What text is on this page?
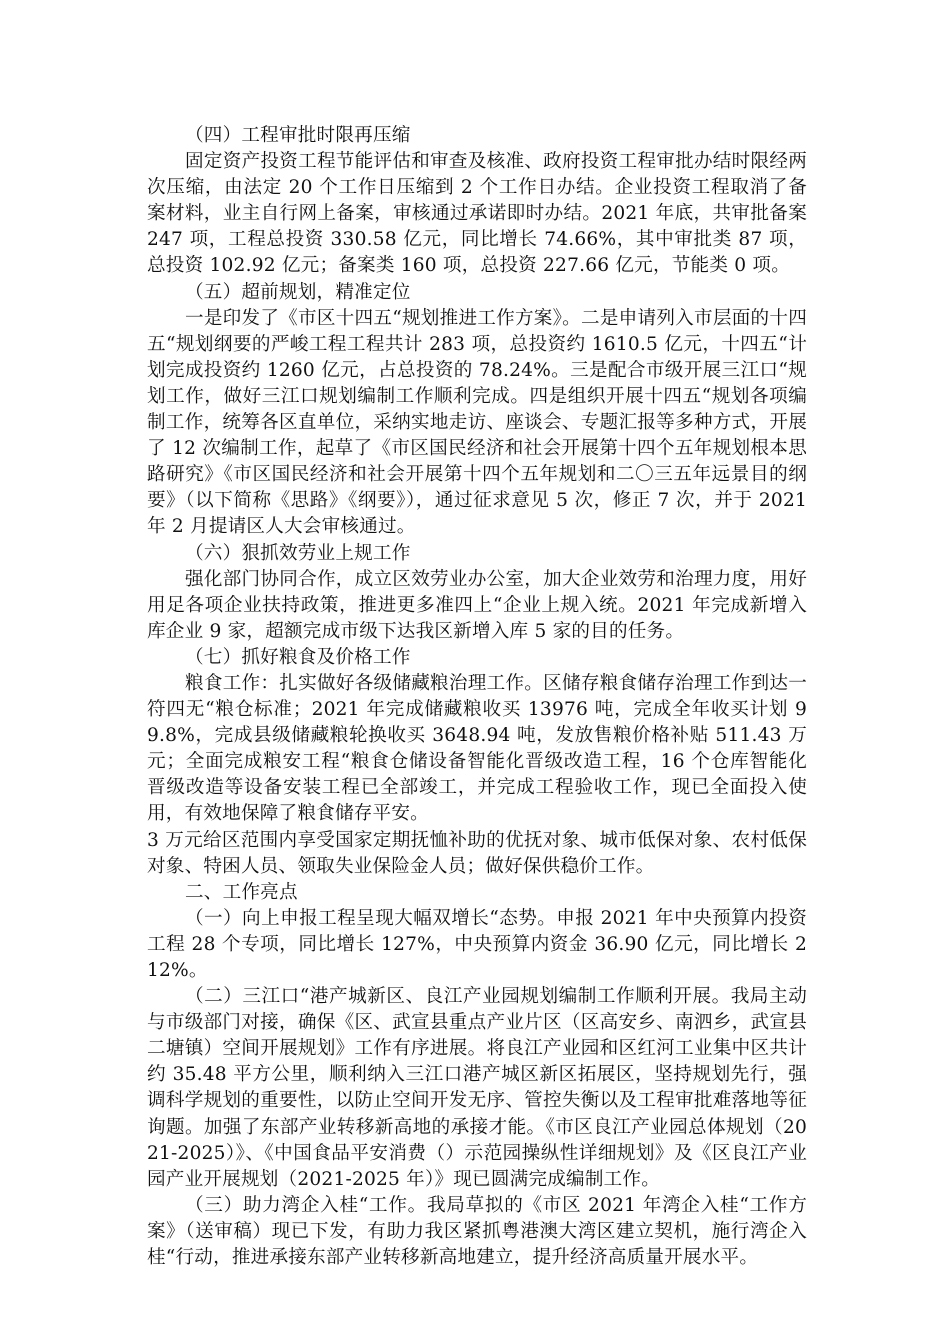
（四）工程审批时限再压缩

固定资产投资工程节能评估和审查及核准、政府投资工程审批办结时限经两次压缩，由法定 20 个工作日压缩到 2 个工作日办结。企业投资工程取消了备案材料，业主自行网上备案，审核通过承诺即时办结。2021 年底，共审批备案 247 项，工程总投资 330.58 亿元，同比增长 74.66%，其中审批类 87 项，总投资 102.92 亿元；备案类 160 项，总投资 227.66 亿元，节能类 0 项。

（五）超前规划，精准定位

一是印发了《市区十四五“规划推进工作方案》。二是申请列入市层面的十四五“规划纲要的严峻工程工程共计 283 项，总投资约 1610.5 亿元，十四五“计划完成投资约 1260 亿元，占总投资的 78.24%。三是配合市级开展三江口“规划工作，做好三江口规划编制工作顺利完成。四是组织开展十四五“规划各项编制工作，统筹各区直单位，采纳实地走访、座谈会、专题汇报等多种方式，开展了 12 次编制工作，起草了《市区国民经济和社会开展第十四个五年规划根本思路研究》《市区国民经济和社会开展第十四个五年规划和二〇三五年远景目的纲要》（以下简称《思路》《纲要》），通过征求意见 5 次，修正 7 次，并于 2021 年 2 月提请区人大会审核通过。

（六）狠抓效劳业上规工作

强化部门协同合作，成立区效劳业办公室，加大企业效劳和治理力度，用好用足各项企业扶持政策，推进更多准四上“企业上规入统。2021 年完成新增入库企业 9 家，超额完成市级下达我区新增入库 5 家的目的任务。

（七）抓好粮食及价格工作

粮食工作：扎实做好各级储藏粮治理工作。区储存粮食储存治理工作到达一符四无“粮仓标准；2021 年完成储藏粮收买 13976 吨，完成全年收买计划 99.8%，完成县级储藏粮轮换收买 3648.94 吨，发放售粮价格补贴 511.43 万元；全面完成粮安工程“粮食仓储设备智能化晋级改造工程，16 个仓库智能化晋级改造等设备安装工程已全部竣工，并完成工程验收工作，现已全面投入使用，有效地保障了粮食储存平安。

3 万元给区范围内享受国家定期抚恤补助的优抚对象、城市低保对象、农村低保对象、特困人员、领取失业保险金人员；做好保供稳价工作。

二、工作亮点

（一）向上申报工程呈现大幅双增长“态势。申报 2021 年中央预算内投资工程 28 个专项，同比增长 127%，中央预算内资金 36.90 亿元，同比增长 212%。

（二）三江口“港产城新区、良江产业园规划编制工作顺利开展。我局主动与市级部门对接，确保《区、武宣县重点产业片区（区高安乡、南泗乡，武宣县二塘镇）空间开展规划》工作有序进展。将良江产业园和区红河工业集中区共计约 35.48 平方公里，顺利纳入三江口港产城区新区拓展区，坚持规划先行，强调科学规划的重要性，以防止空间开发无序、管控失衡以及工程审批难落地等征询题。加强了东部产业转移新高地的承接才能。《市区良江产业园总体规划（2021-2025）》、《中国食品平安消费（）示范园操纵性详细规划》及《区良江产业园产业开展规划（2021-2025 年）》现已圆满完成编制工作。

（三）助力湾企入桂“工作。我局草拟的《市区 2021 年湾企入桂“工作方案》（送审稿）现已下发，有助力我区紧抓粤港澳大湾区建立契机，施行湾企入桂“行动，推进承接东部产业转移新高地建立，提升经济高质量开展水平。
